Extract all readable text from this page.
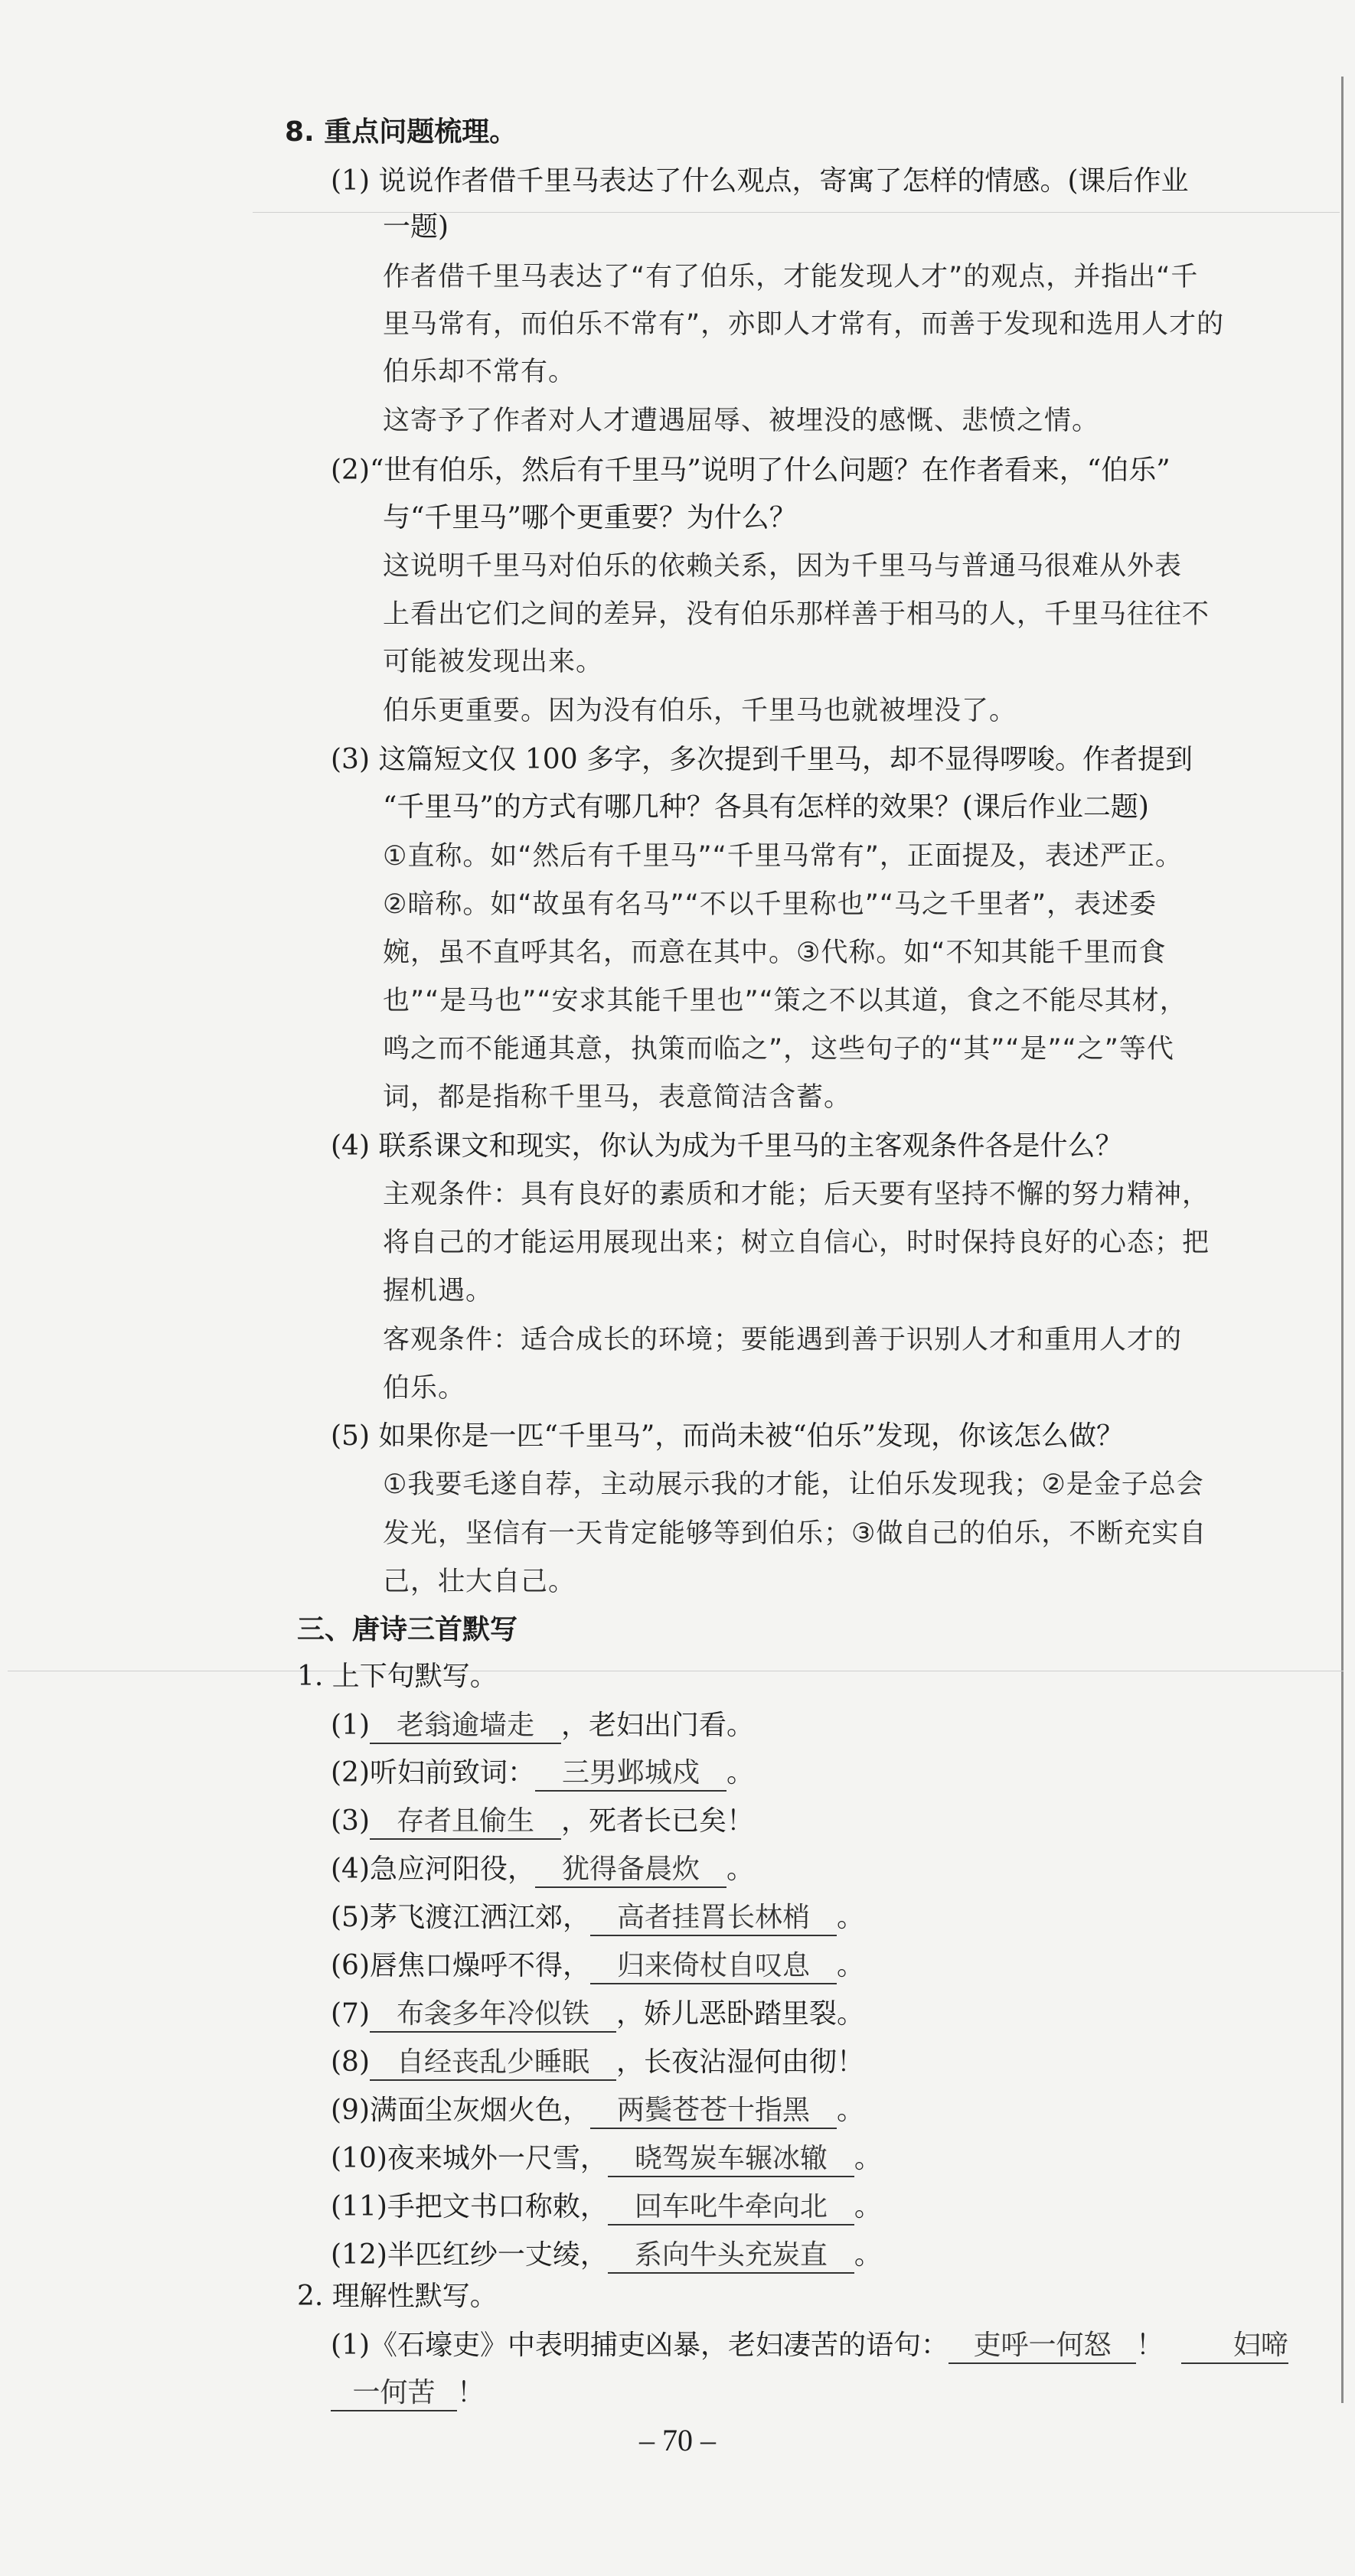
8. 重点问题梳理。
(1) 说说作者借千里马表达了什么观点，寄寓了怎样的情感。(课后作业
一题)
作者借千里马表达了“有了伯乐，才能发现人才”的观点，并指出“千
里马常有，而伯乐不常有”，亦即人才常有，而善于发现和选用人才的
伯乐却不常有。
这寄予了作者对人才遭遇屈辱、被埋没的感慨、悲愤之情。
(2)“世有伯乐，然后有千里马”说明了什么问题？在作者看来，“伯乐”
与“千里马”哪个更重要？为什么？
这说明千里马对伯乐的依赖关系，因为千里马与普通马很难从外表
上看出它们之间的差异，没有伯乐那样善于相马的人，千里马往往不
可能被发现出来。
伯乐更重要。因为没有伯乐，千里马也就被埋没了。
(3) 这篇短文仅 100 多字，多次提到千里马，却不显得啰唆。作者提到
“千里马”的方式有哪几种？各具有怎样的效果？(课后作业二题)
①直称。如“然后有千里马”“千里马常有”，正面提及，表述严正。
②暗称。如“故虽有名马”“不以千里称也”“马之千里者”，表述委
婉，虽不直呼其名，而意在其中。③代称。如“不知其能千里而食
也”“是马也”“安求其能千里也”“策之不以其道，食之不能尽其材，
鸣之而不能通其意，执策而临之”，这些句子的“其”“是”“之”等代
词，都是指称千里马，表意简洁含蓄。
(4) 联系课文和现实，你认为成为千里马的主客观条件各是什么？
主观条件：具有良好的素质和才能；后天要有坚持不懈的努力精神，
将自己的才能运用展现出来；树立自信心，时时保持良好的心态；把
握机遇。
客观条件：适合成长的环境；要能遇到善于识别人才和重用人才的
伯乐。
(5) 如果你是一匹“千里马”，而尚未被“伯乐”发现，你该怎么做？
①我要毛遂自荐，主动展示我的才能，让伯乐发现我；②是金子总会
发光，坚信有一天肯定能够等到伯乐；③做自己的伯乐，不断充实自
己，壮大自己。
三、唐诗三首默写
1. 上下句默写。
(1) 老翁逾墙走 ，老妇出门看。
(2)听妇前致词： 三男邺城戍 。
(3) 存者且偷生 ，死者长已矣！
(4)急应河阳役， 犹得备晨炊 。
(5)茅飞渡江洒江郊， 高者挂罥长林梢 。
(6)唇焦口燥呼不得， 归来倚杖自叹息 。
(7) 布衾多年冷似铁 ，娇儿恶卧踏里裂。
(8) 自经丧乱少睡眠 ，长夜沾湿何由彻！
(9)满面尘灰烟火色， 两鬓苍苍十指黑 。
(10)夜来城外一尺雪， 晓驾炭车辗冰辙 。
(11)手把文书口称敕， 回车叱牛牵向北 。
(12)半匹红纱一丈绫， 系向牛头充炭直 。
2. 理解性默写。
(1)《石壕吏》中表明捕吏凶暴，老妇凄苦的语句： 吏呼一何怒 ！	妇啼
一何苦 ！
– 70 –
